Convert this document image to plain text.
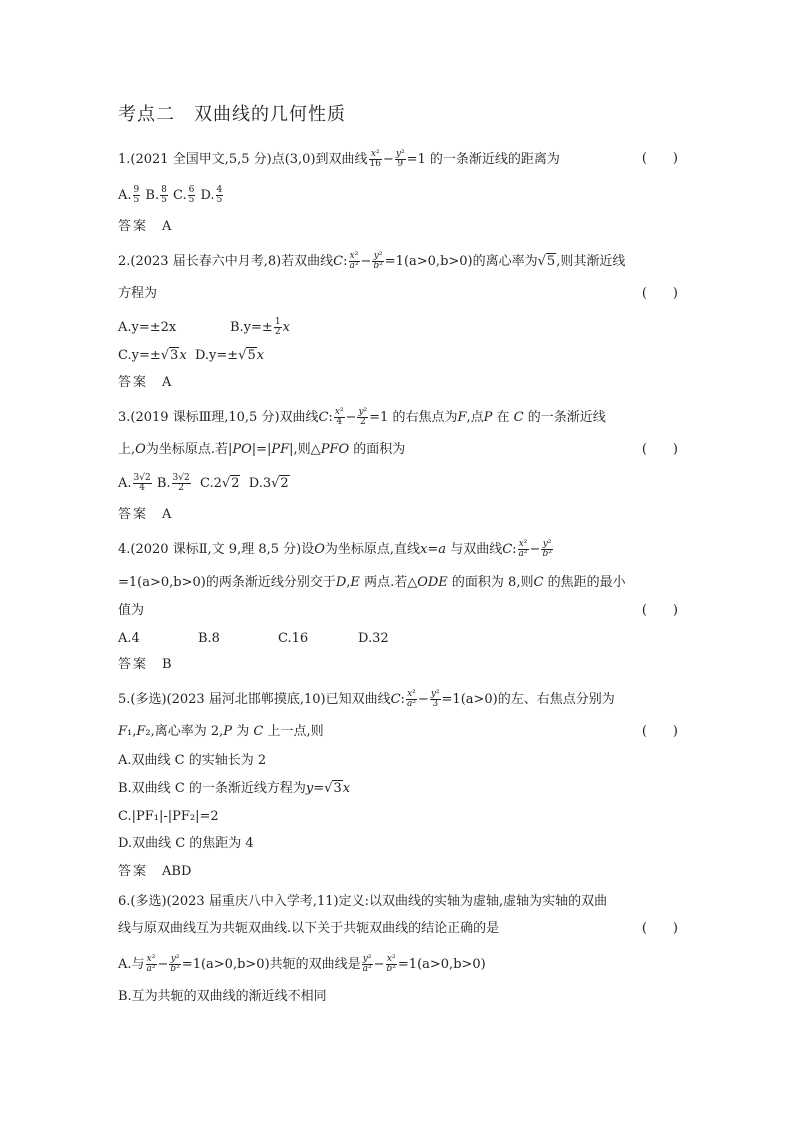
考点二　双曲线的几何性质
1.(2021 全国甲文,5,5 分)点(3,0)到双曲线 $\frac{\text{x²}}{16} - \frac{\text{y²}}{9} =1$ 的一条渐近线的距离为	(　　)
A. $\frac{9}{5} B$. $\frac{8}{5} C$. $\frac{6}{5} D$. $\frac{4}{5}$
答案 A
2.(2023 届长春六中月考,8)若双曲线C: $\frac{\text{x²}}{\text{a²}} - \frac{\text{y²}}{\text{b²}} =1(a>0,b>0)$的离心率为√5,则其渐近线
方程为	(　　)
A.y=±2x	$B.y=\pm \frac{1}{2}$ x
C.y=±√3x D.y=±√5x
答案 A
3.(2019 课标Ⅲ理,10,5 分)双曲线C: $\frac{\text{x²}}{4} - \frac{\text{y²}}{2} =1$ 的右焦点为F,点P 在 C 的一条渐近线
上,O为坐标原点.若|PO|=|PF|,则△PFO 的面积为	(　　)
A. $\frac{3√2}{4} B$. $\frac{3√2}{2} C.2√2$ D.3√2
答案 A
4.(2020 课标Ⅱ,文 9,理 8,5 分)设O为坐标原点,直线x=a 与双曲线C: $\frac{\text{x²}}{\text{a²}} - \frac{\text{y²}}{\text{b²}}$
=1(a>0,b>0)的两条渐近线分别交于D,E 两点.若△ODE 的面积为 8,则C 的焦距的最小
值为	(　　)
A.4	B.8	C.16	D.32
答案 B
5.(多选)(2023 届河北邯郸摸底,10)已知双曲线C: $\frac{\text{x²}}{\text{a²}} - \frac{\text{y²}}{3} =1(a>0)$的左、右焦点分别为
F₁,F₂,离心率为 2,P 为 C 上一点,则	(　　)
A.双曲线 C 的实轴长为 2
B.双曲线 C 的一条渐近线方程为y=√3x
C.|PF₁|-|PF₂|=2
D.双曲线 C 的焦距为 4
答案 ABD
6.(多选)(2023 届重庆八中入学考,11)定义:以双曲线的实轴为虚轴,虚轴为实轴的双曲
线与原双曲线互为共轭双曲线.以下关于共轭双曲线的结论正确的是	(　　)
A.与 $\frac{\text{x²}}{\text{a²}} - \frac{\text{y²}}{\text{b²}} =1(a>0,b>0)$共轭的双曲线是 $\frac{\text{y²}}{\text{a²}} - \frac{\text{x²}}{\text{b²}} =1(a>0,b>0)$
B.互为共轭的双曲线的渐近线不相同
